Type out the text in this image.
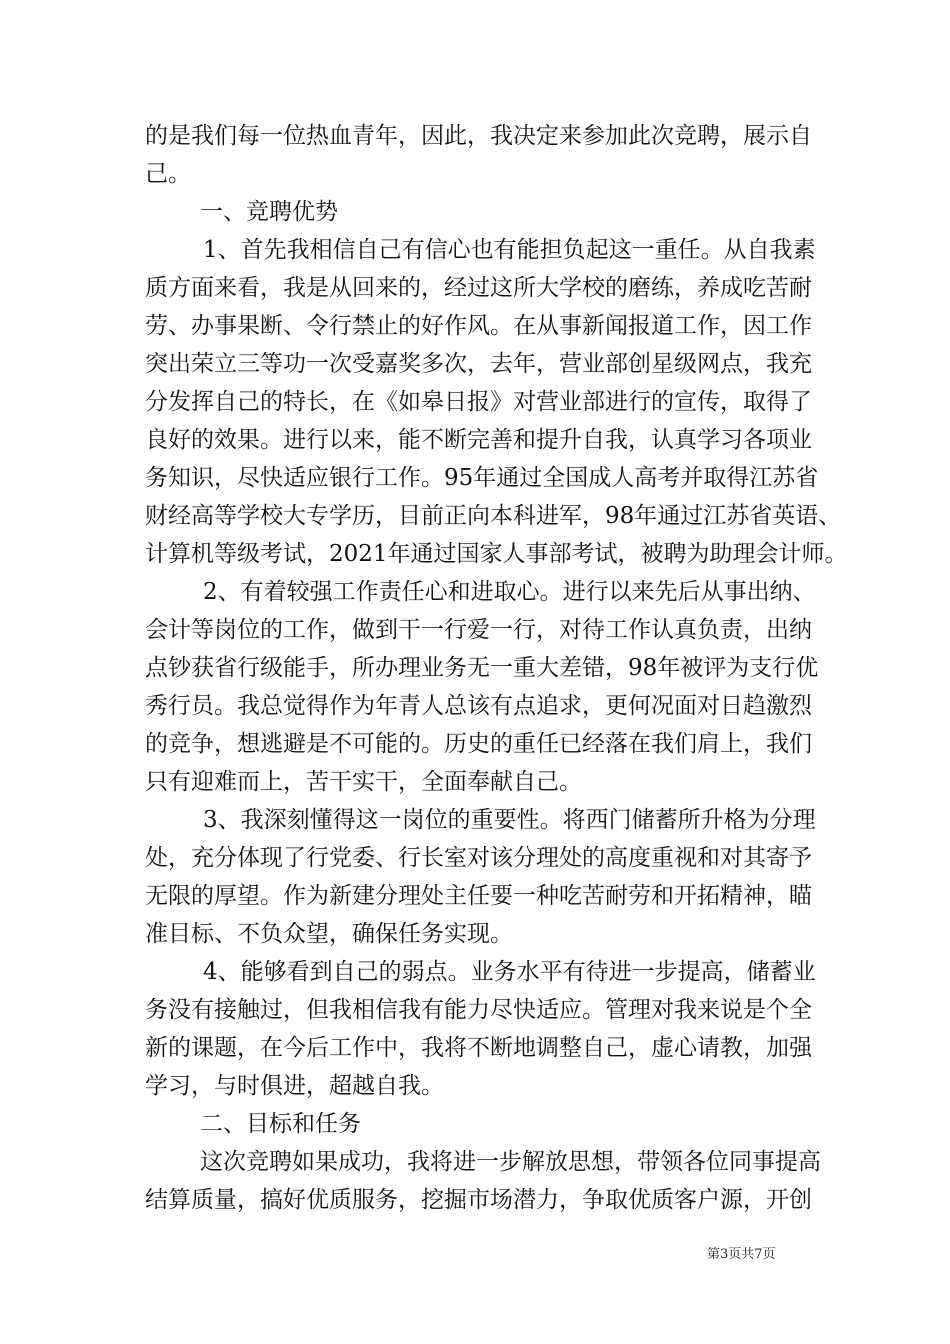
的是我们每一位热血青年，因此，我决定来参加此次竞聘，展示自
己。
一、竞聘优势
1、首先我相信自己有信心也有能担负起这一重任。从自我素
质方面来看，我是从回来的，经过这所大学校的磨练，养成吃苦耐
劳、办事果断、令行禁止的好作风。在从事新闻报道工作，因工作
突出荣立三等功一次受嘉奖多次，去年，营业部创星级网点，我充
分发挥自己的特长，在《如皋日报》对营业部进行的宣传，取得了
良好的效果。进行以来，能不断完善和提升自我，认真学习各项业
务知识，尽快适应银行工作。95年通过全国成人高考并取得江苏省
财经高等学校大专学历，目前正向本科进军，98年通过江苏省英语、
计算机等级考试，2021年通过国家人事部考试，被聘为助理会计师。
2、有着较强工作责任心和进取心。进行以来先后从事出纳、
会计等岗位的工作，做到干一行爱一行，对待工作认真负责，出纳
点钞获省行级能手，所办理业务无一重大差错，98年被评为支行优
秀行员。我总觉得作为年青人总该有点追求，更何况面对日趋激烈
的竞争，想逃避是不可能的。历史的重任已经落在我们肩上，我们
只有迎难而上，苦干实干，全面奉献自己。
3、我深刻懂得这一岗位的重要性。将西门储蓄所升格为分理
处，充分体现了行党委、行长室对该分理处的高度重视和对其寄予
无限的厚望。作为新建分理处主任要一种吃苦耐劳和开拓精神，瞄
准目标、不负众望，确保任务实现。
4、能够看到自己的弱点。业务水平有待进一步提高，储蓄业
务没有接触过，但我相信我有能力尽快适应。管理对我来说是个全
新的课题，在今后工作中，我将不断地调整自己，虚心请教，加强
学习，与时俱进，超越自我。
二、目标和任务
这次竞聘如果成功，我将进一步解放思想，带领各位同事提高
结算质量，搞好优质服务，挖掘市场潜力，争取优质客户源，开创
第3页共7页
